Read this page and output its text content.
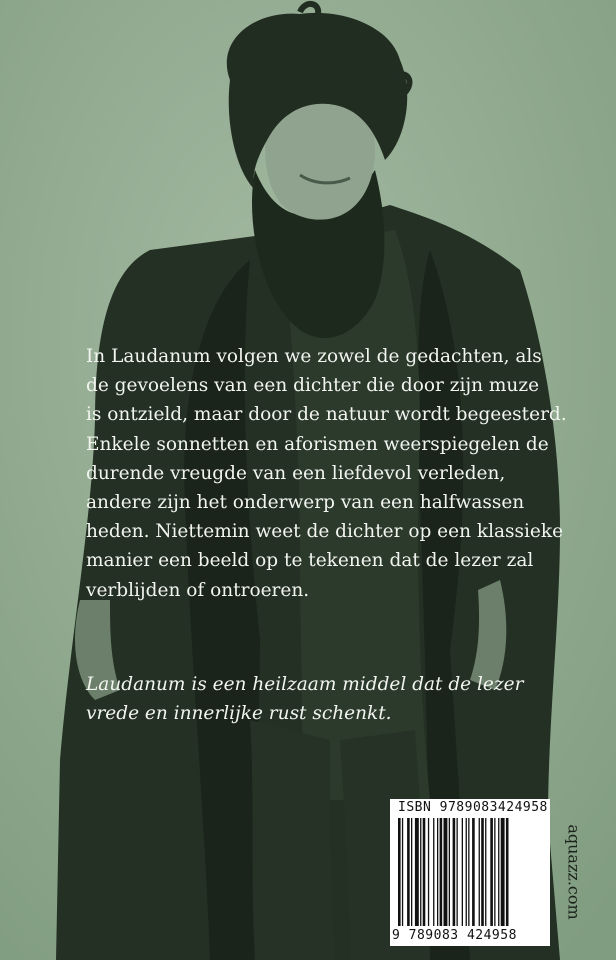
In Laudanum volgen we zowel de gedachten, als
de gevoelens van een dichter die door zijn muze
is ontzield, maar door de natuur wordt begeesterd.
Enkele sonnetten en aforismen weerspiegelen de
durende vreugde van een liefdevol verleden,
andere zijn het onderwerp van een halfwassen
heden. Niettemin weet de dichter op een klassieke
manier een beeld op te tekenen dat de lezer zal
verblijden of ontroeren.
Laudanum is een heilzaam middel dat de lezer
vrede en innerlijke rust schenkt.
ISBN 9789083424958
9 789083 424958
aquazz.com
